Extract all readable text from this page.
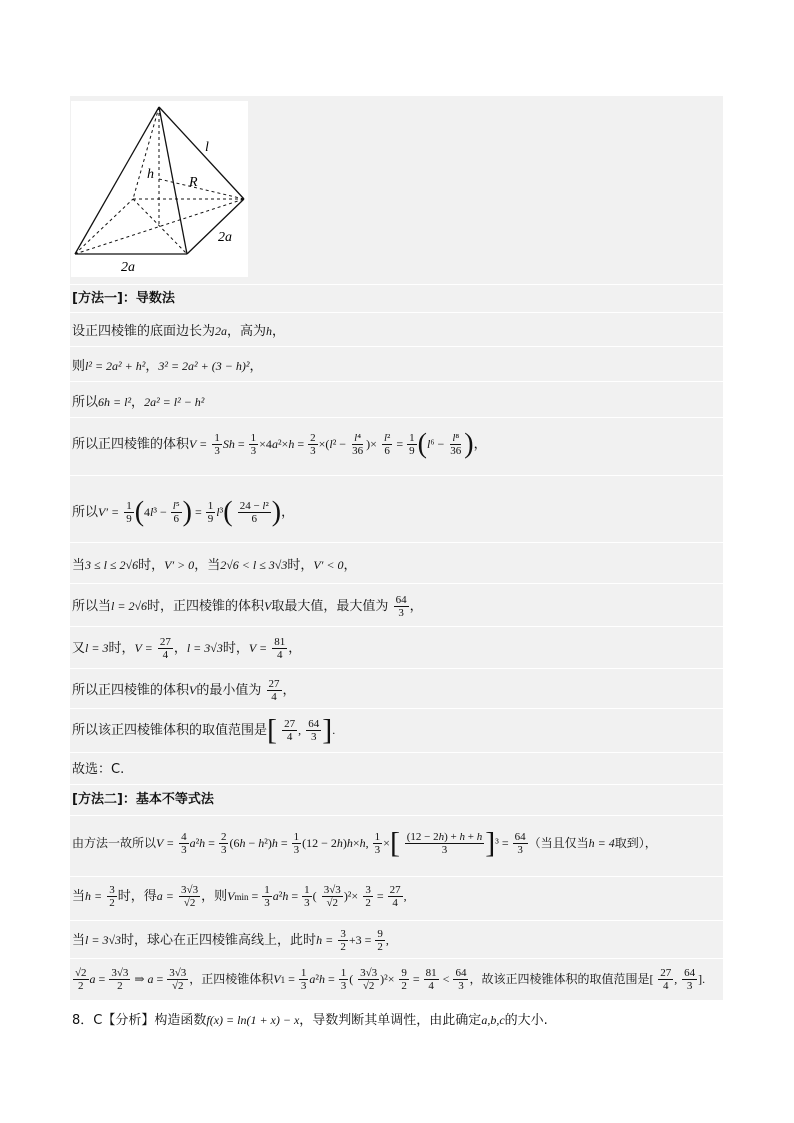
l
h
R
2a
2a
[方法一]：导数法
设正四棱锥的底面边长为2a，高为h，
则l² = 2a² + h²，3² = 2a² + (3 − h)²，
所以6h = l²，2a² = l² − h²
所以正四棱锥的体积$V = \frac{1}{3}$ $Sh = \frac{1}{3} \times 4a^2\times h = \frac{2}{3} \times(l^2 - \frac{\text{l⁴}}{36}$ )× $\frac{\text{l²}}{6} = \frac{1}{9} (l^6 - \frac{\text{l⁸}}{36}$ )，
所以$V' = \frac{1}{9} (4l^3 - \frac{\text{l⁵}}{6}$ ) = $\frac{1}{9} l^3( \frac{\text{24 − l²}}{6}$ )，
当3 ≤ l ≤ 2√6时，V′ > 0，当2√6 < l ≤ 3√3时，V′ < 0，
所以当l = 2√6时，正四棱锥的体积V取最大值，最大值为 $\frac{64}{3}$ ，
又l = 3时，$V = \frac{27}{4}$ ，l = 3√3时，$V = \frac{81}{4}$ ，
所以正四棱锥的体积V的最小值为 $\frac{27}{4}$ ，
所以该正四棱锥体积的取值范围是[ $\frac{27}{4}$ , $\frac{64}{3}$ ].
故选：C.
[方法二]：基本不等式法
由方法一故所以$V = \frac{4}{3} a^2h = \frac{2}{3} (6h - h^2)h = \frac{1}{3} (12 - 2h)h\times h$, $\frac{1}{3}$ ×[ $\frac{(12 - 2h) + h + h}{3} ]^3 = \frac{64}{3}$ （当且仅当h = 4取到），
当$h = \frac{3}{2}$ 时，得$a = \frac{3√3}{√2}$ ，则$Vmin = \frac{1}{3} a^2h = \frac{1}{3}$ ( $\frac{3√3}{√2} )^2\times \frac{3}{2} = \frac{27}{4}$ ,
当l = 3√3时，球心在正四棱锥高线上，此时$h = \frac{3}{2} +3 = \frac{9}{2}$ ,
$\frac{√2}{2}$ $a = \frac{3√3}{2}$ ⇒ $a = \frac{3√3}{√2}$ ，正四棱锥体积$V1 = \frac{1}{3} a^2h = \frac{1}{3}$ ( $\frac{3√3}{√2} )^2\times \frac{9}{2} = \frac{81}{4} < \frac{64}{3}$ ，故该正四棱锥体积的取值范围是[ $\frac{27}{4}$ , $\frac{64}{3}$ ].
8．C【分析】构造函数f(x) = ln(1 + x) − x，导数判断其单调性，由此确定a,b,c的大小.
